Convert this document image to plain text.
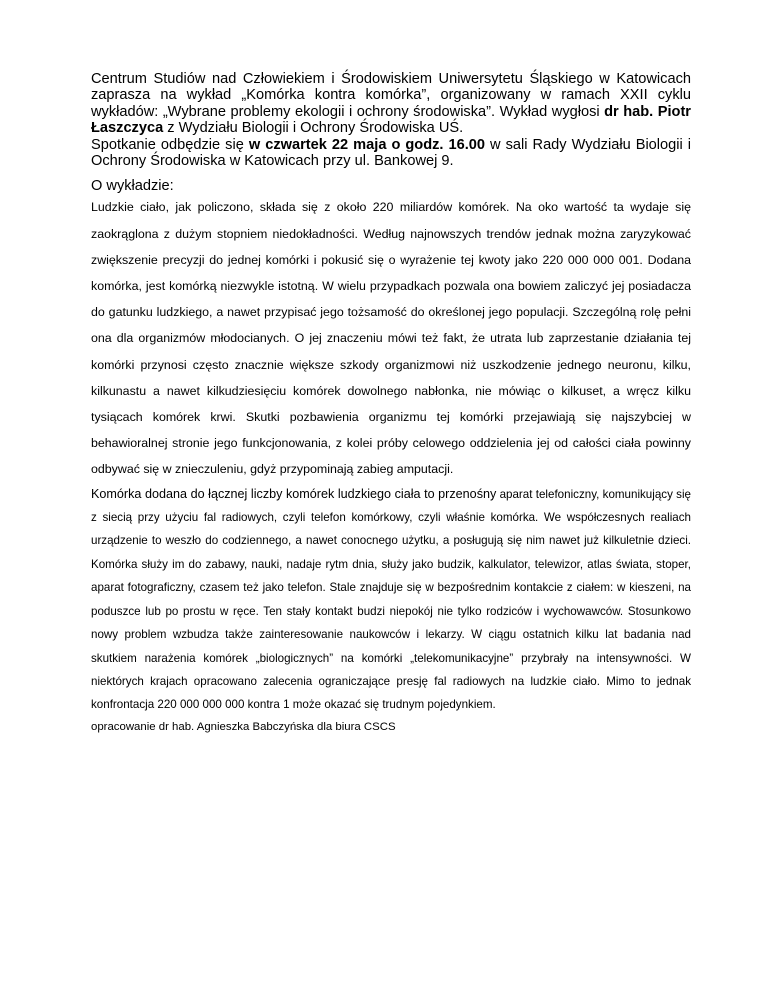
Centrum Studiów nad Człowiekiem i Środowiskiem Uniwersytetu Śląskiego w Katowicach zaprasza na wykład „Komórka kontra komórka”, organizowany w ramach XXII cyklu wykładów: „Wybrane problemy ekologii i ochrony środowiska”. Wykład wygłosi dr hab. Piotr Łaszczyca z Wydziału Biologii i Ochrony Środowiska UŚ.
Spotkanie odbędzie się w czwartek 22 maja o godz. 16.00 w sali Rady Wydziału Biologii i Ochrony Środowiska w Katowicach przy ul. Bankowej 9.

O wykładzie:

Ludzkie ciało, jak policzono, składa się z około 220 miliardów komórek. Na oko wartość ta wydaje się zaokrąglona z dużym stopniem niedokładności. Według najnowszych trendów jednak można zaryzykować zwiększenie precyzji do jednej komórki i pokusić się o wyrażenie tej kwoty jako 220 000 000 001. Dodana komórka, jest komórką niezwykle istotną. W wielu przypadkach pozwala ona bowiem zaliczyć jej posiadacza do gatunku ludzkiego, a nawet przypisać jego tożsamość do określonej jego populacji. Szczególną rolę pełni ona dla organizmów młodocianych. O jej znaczeniu mówi też fakt, że utrata lub zaprzestanie działania tej komórki przynosi często znacznie większe szkody organizmowi niż uszkodzenie jednego neuronu, kilku, kilkunastu a nawet kilkudziesięciu komórek dowolnego nabłonka, nie mówiąc o kilkuset, a wręcz kilku tysiącach komórek krwi. Skutki pozbawienia organizmu tej komórki przejawiają się najszybciej w behawioralnej stronie jego funkcjonowania, z kolei próby celowego oddzielenia jej od całości ciała powinny odbywać się w znieczuleniu, gdyż przypominają zabieg amputacji.

Komórka dodana do łącznej liczby komórek ludzkiego ciała to przenośny aparat telefoniczny, komunikujący się z siecią przy użyciu fal radiowych, czyli telefon komórkowy, czyli właśnie komórka. We współczesnych realiach urządzenie to weszło do codziennego, a nawet conocnego użytku, a posługują się nim nawet już kilkuletnie dzieci. Komórka służy im do zabawy, nauki, nadaje rytm dnia, służy jako budzik, kalkulator, telewizor, atlas świata, stoper, aparat fotograficzny, czasem też jako telefon. Stale znajduje się w bezpośrednim kontakcie z ciałem: w kieszeni, na poduszce lub po prostu w ręce. Ten stały kontakt budzi niepokój nie tylko rodziców i wychowawców. Stosunkowo nowy problem wzbudza także zainteresowanie naukowców i lekarzy. W ciągu ostatnich kilku lat badania nad skutkiem narażenia komórek „biologicznych” na komórki „telekomunikacyjne” przybrały na intensywności. W niektórych krajach opracowano zalecenia ograniczające presję fal radiowych na ludzkie ciało. Mimo to jednak konfrontacja 220 000 000 000 kontra 1 może okazać się trudnym pojedynkiem.

opracowanie dr hab. Agnieszka Babczyńska dla biura CSCS
